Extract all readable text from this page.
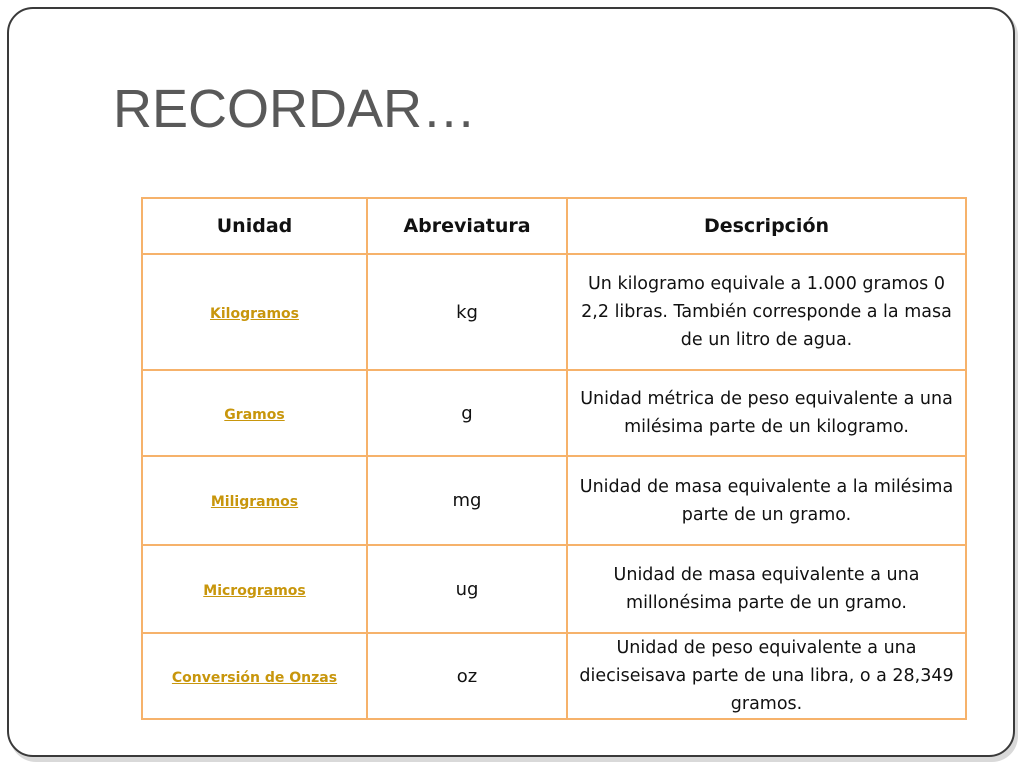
RECORDAR…
Unidad	Abreviatura	Descripción
Kilogramos	kg	Un kilogramo equivale a 1.000 gramos 0 2,2 libras. También corresponde a la masa de un litro de agua.
Gramos	g	Unidad métrica de peso equivalente a una milésima parte de un kilogramo.
Miligramos	mg	Unidad de masa equivalente a la milésima parte de un gramo.
Microgramos	ug	Unidad de masa equivalente a una millonésima parte de un gramo.
Conversión de Onzas	oz	Unidad de peso equivalente a una dieciseisava parte de una libra, o a 28,349 gramos.
